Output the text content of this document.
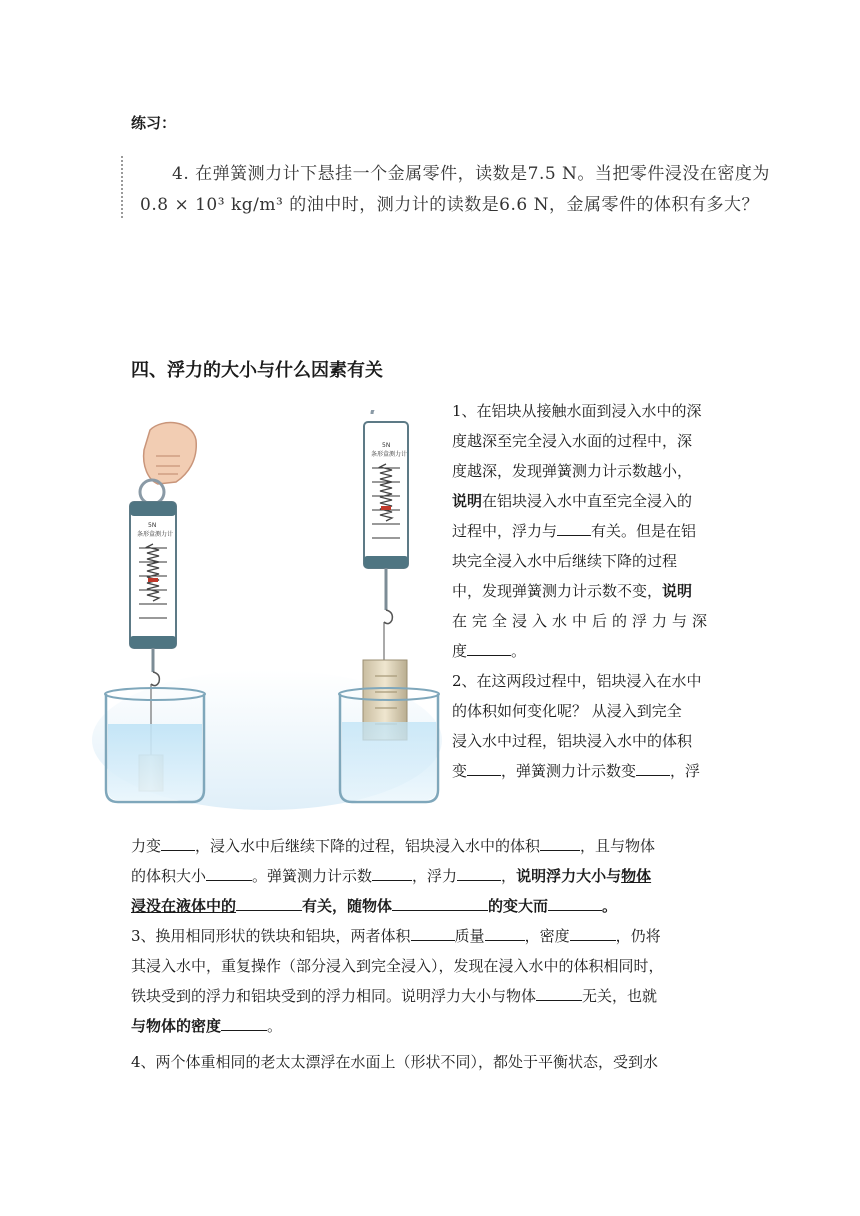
练习：
4. 在弹簧测力计下悬挂一个金属零件，读数是7.5 N。当把零件浸没在密度为
0.8 × 10³ kg/m³ 的油中时，测力计的读数是6.6 N，金属零件的体积有多大？
四、浮力的大小与什么因素有关
5N
条形盒测力计
5N
条形盒测力计
1、在铝块从接触水面到浸入水中的深
度越深至完全浸入水面的过程中，深
度越深，发现弹簧测力计示数越小，
说明在铝块浸入水中直至完全浸入的
过程中，浮力与 有关。但是在铝
块完全浸入水中后继续下降的过程
中，发现弹簧测力计示数不变，说明
在完全浸入水中后的浮力与深
度	。
2、在这两段过程中，铝块浸入在水中
的体积如何变化呢？ 从浸入到完全
浸入水中过程，铝块浸入水中的体积
变 ，弹簧测力计示数变 ，浮
力变 ，浸入水中后继续下降的过程，铝块浸入水中的体积	，且与物体
的体积大小	。弹簧测力计示数	，浮力	，说明浮力大小与物体
浸没在液体中的	有关，随物体	的变大而	。
3、换用相同形状的铁块和铝块，两者体积	质量	，密度	，仍将
其浸入水中，重复操作（部分浸入到完全浸入），发现在浸入水中的体积相同时，
铁块受到的浮力和铝块受到的浮力相同。说明浮力大小与物体	无关，也就
与物体的密度	。
4、两个体重相同的老太太漂浮在水面上（形状不同），都处于平衡状态，受到水
